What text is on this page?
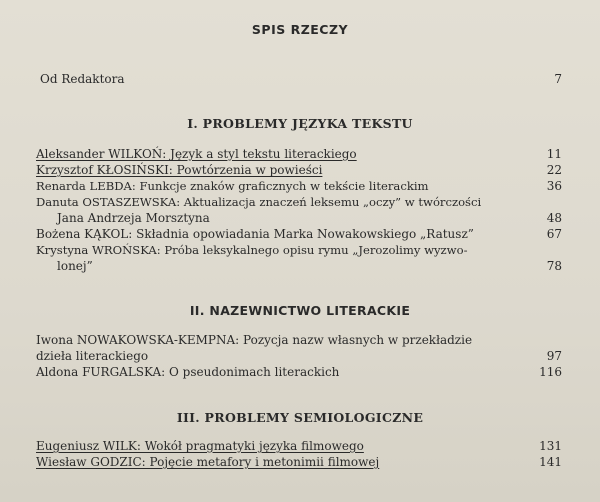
SPIS RZECZY
Od Redaktora	7
I. PROBLEMY JĘZYKA TEKSTU
Aleksander WILKOŃ: Język a styl tekstu literackiego	11
Krzysztof KŁOSIŃSKI: Powtórzenia w powieści	22
Renarda LEBDA: Funkcje znaków graficznych w tekście literackim	36
Danuta OSTASZEWSKA: Aktualizacja znaczeń leksemu „oczy” w twórczości
Jana Andrzeja Morsztyna	48
Bożena KĄKOL: Składnia opowiadania Marka Nowakowskiego „Ratusz”	67
Krystyna WROŃSKA: Próba leksykalnego opisu rymu „Jerozolimy wyzwo-
lonej”	78
II. NAZEWNICTWO LITERACKIE
Iwona NOWAKOWSKA-KEMPNA: Pozycja nazw własnych w przekładzie
dzieła literackiego	97
Aldona FURGALSKA: O pseudonimach literackich	116
III. PROBLEMY SEMIOLOGICZNE
Eugeniusz WILK: Wokół pragmatyki języka filmowego	131
Wiesław GODZIC: Pojęcie metafory i metonimii filmowej	141
